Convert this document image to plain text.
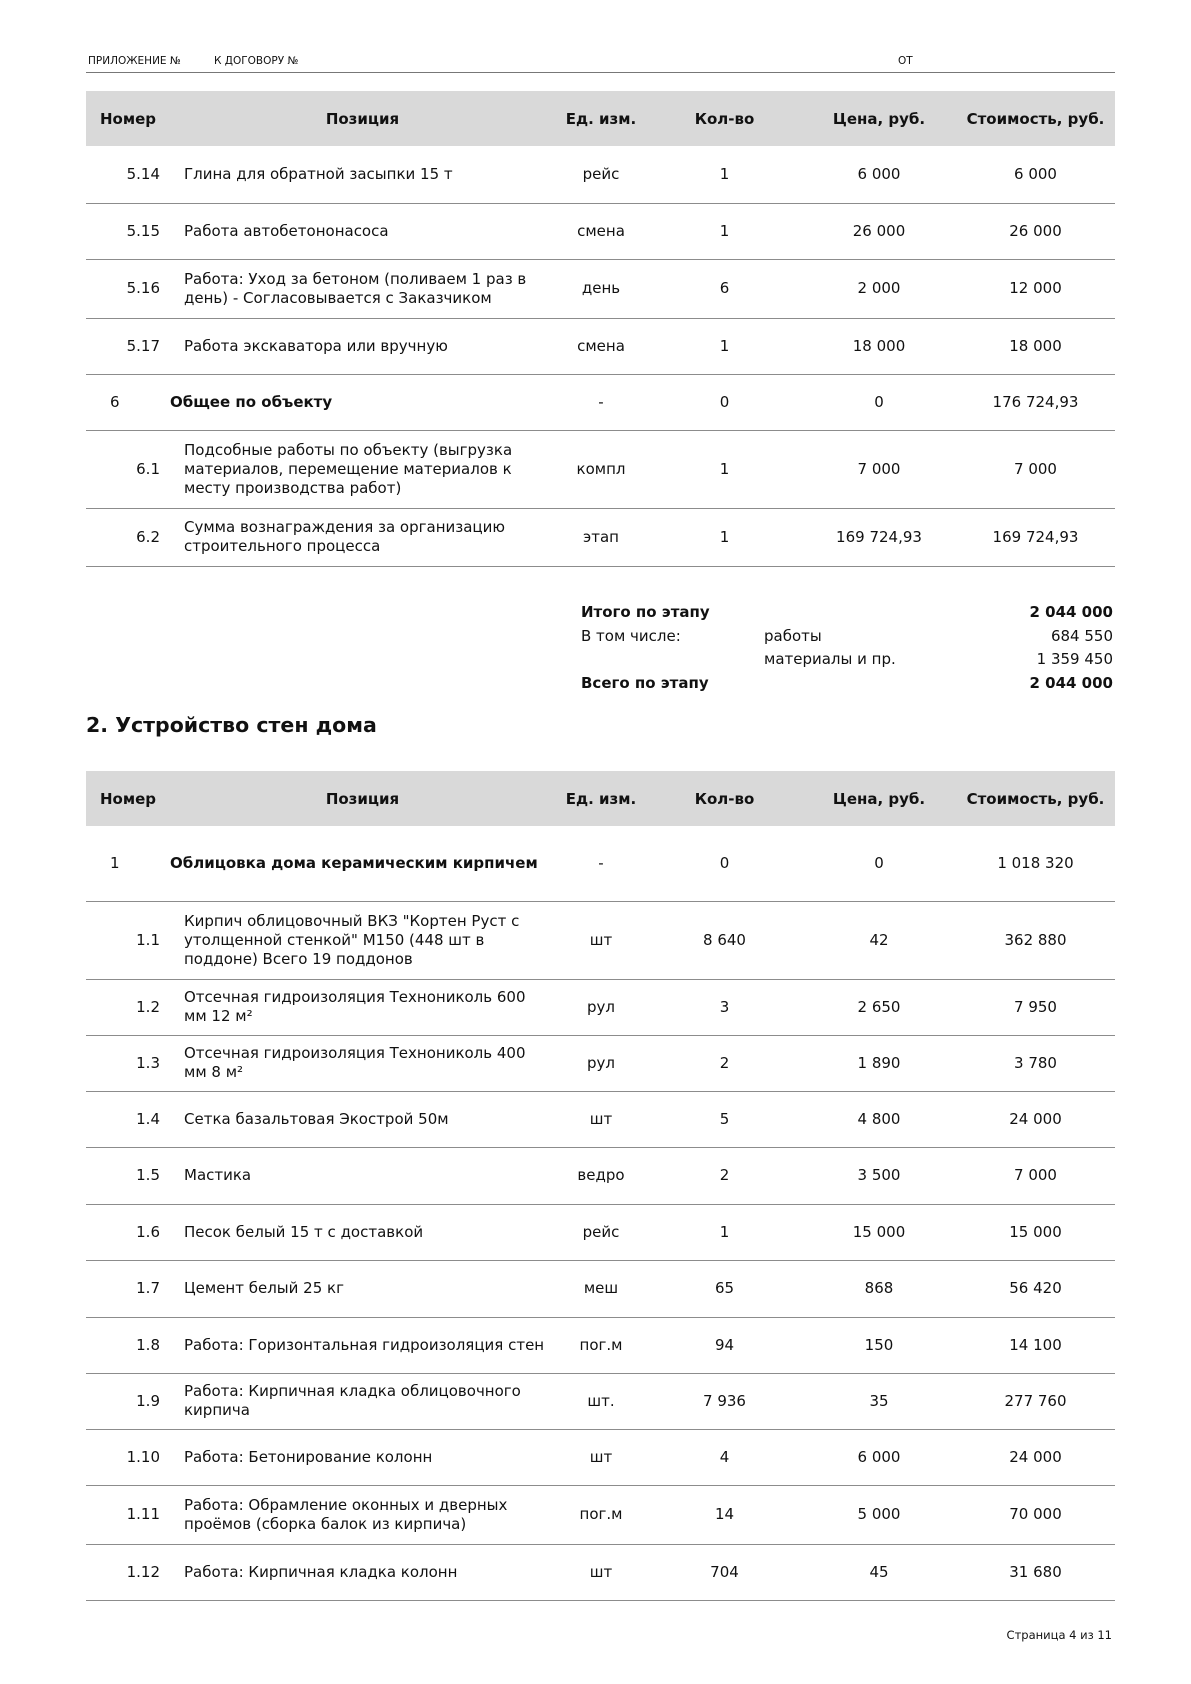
ПРИЛОЖЕНИЕ №	К ДОГОВОРУ №	ОТ
Номер	Позиция	Ед. изм.	Кол-во	Цена, руб.	Стоимость, руб.
5.14	Глина для обратной засыпки 15 т	рейс	1	6 000	6 000
5.15	Работа автобетононасоса	смена	1	26 000	26 000
5.16	Работа: Уход за бетоном (поливаем 1 раз в день) - Согласовывается с Заказчиком	день	6	2 000	12 000
5.17	Работа экскаватора или вручную	смена	1	18 000	18 000
6	Общее по объекту	-	0	0	176 724,93
6.1	Подсобные работы по объекту (выгрузка материалов, перемещение материалов к месту производства работ)	компл	1	7 000	7 000
6.2	Сумма вознаграждения за организацию строительного процесса	этап	1	169 724,93	169 724,93
Итого по этапу	2 044 000
В том числе:	работы	684 550
материалы и пр.	1 359 450
Всего по этапу	2 044 000
2. Устройство стен дома
Номер	Позиция	Ед. изм.	Кол-во	Цена, руб.	Стоимость, руб.
1	Облицовка дома керамическим кирпичем	-	0	0	1 018 320
1.1	Кирпич облицовочный ВКЗ "Кортен Руст с утолщенной стенкой" М150 (448 шт в поддоне) Всего 19 поддонов	шт	8 640	42	362 880
1.2	Отсечная гидроизоляция Технониколь 600 мм 12 м²	рул	3	2 650	7 950
1.3	Отсечная гидроизоляция Технониколь 400 мм 8 м²	рул	2	1 890	3 780
1.4	Сетка базальтовая Экострой 50м	шт	5	4 800	24 000
1.5	Мастика	ведро	2	3 500	7 000
1.6	Песок белый 15 т с доставкой	рейс	1	15 000	15 000
1.7	Цемент белый 25 кг	меш	65	868	56 420
1.8	Работа: Горизонтальная гидроизоляция стен	пог.м	94	150	14 100
1.9	Работа: Кирпичная кладка облицовочного кирпича	шт.	7 936	35	277 760
1.10	Работа: Бетонирование колонн	шт	4	6 000	24 000
1.11	Работа: Обрамление оконных и дверных проёмов (сборка балок из кирпича)	пог.м	14	5 000	70 000
1.12	Работа: Кирпичная кладка колонн	шт	704	45	31 680
Страница 4 из 11
